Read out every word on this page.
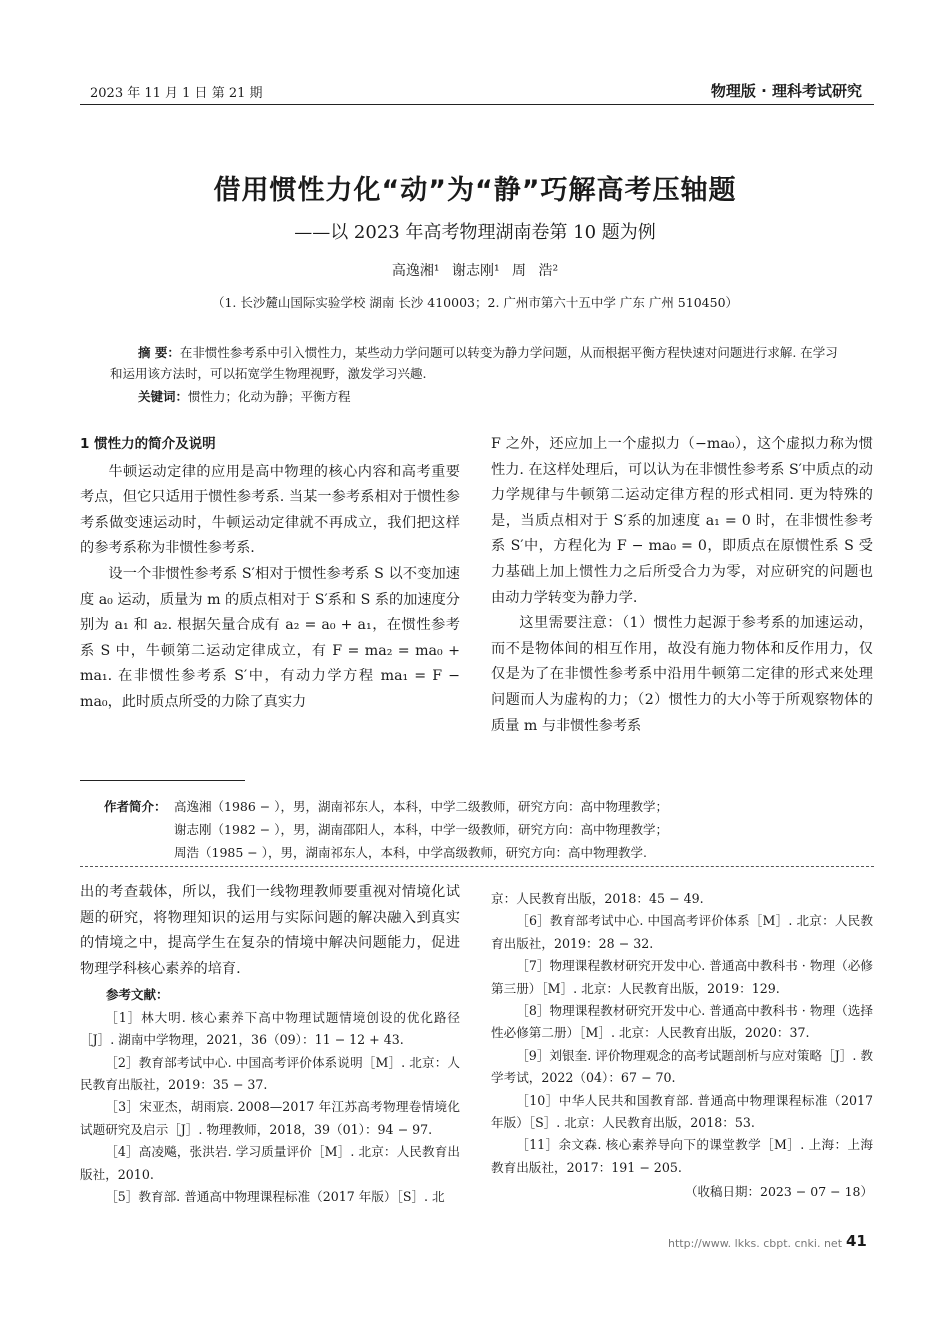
2023 年 11 月 1 日 第 21 期	物理版 · 理科考试研究
借用惯性力化“动”为“静”巧解高考压轴题
——以 2023 年高考物理湖南卷第 10 题为例
高逸湘¹ 谢志刚¹ 周 浩²
（1. 长沙麓山国际实验学校 湖南 长沙 410003；2. 广州市第六十五中学 广东 广州 510450）
摘 要：在非惯性参考系中引入惯性力，某些动力学问题可以转变为静力学问题，从而根据平衡方程快速对问题进行求解. 在学习和运用该方法时，可以拓宽学生物理视野，激发学习兴趣.
关键词：惯性力；化动为静；平衡方程

1 惯性力的简介及说明

牛顿运动定律的应用是高中物理的核心内容和高考重要考点，但它只适用于惯性参考系. 当某一参考系相对于惯性参考系做变速运动时，牛顿运动定律就不再成立，我们把这样的参考系称为非惯性参考系.

设一个非惯性参考系 S′相对于惯性参考系 S 以不变加速度 a₀ 运动，质量为 m 的质点相对于 S′系和 S 系的加速度分别为 a₁ 和 a₂. 根据矢量合成有 a₂ = a₀ + a₁，在惯性参考系 S 中，牛顿第二运动定律成立，有 F = ma₂ = ma₀ + ma₁. 在非惯性参考系 S′中，有动力学方程 ma₁ = F − ma₀，此时质点所受的力除了真实力

F 之外，还应加上一个虚拟力（−ma₀），这个虚拟力称为惯性力. 在这样处理后，可以认为在非惯性参考系 S′中质点的动力学规律与牛顿第二运动定律方程的形式相同. 更为特殊的是，当质点相对于 S′系的加速度 a₁ = 0 时，在非惯性参考系 S′中，方程化为 F − ma₀ = 0，即质点在原惯性系 S 受力基础上加上惯性力之后所受合力为零，对应研究的问题也由动力学转变为静力学.

这里需要注意：（1）惯性力起源于参考系的加速运动，而不是物体间的相互作用，故没有施力物体和反作用力，仅仅是为了在非惯性参考系中沿用牛顿第二定律的形式来处理问题而人为虚构的力；（2）惯性力的大小等于所观察物体的质量 m 与非惯性参考系

作者简介： 高逸湘（1986 − ），男，湖南祁东人，本科，中学二级教师，研究方向：高中物理教学；
谢志刚（1982 − ），男，湖南邵阳人，本科，中学一级教师，研究方向：高中物理教学；
周浩（1985 − ），男，湖南祁东人，本科，中学高级教师，研究方向：高中物理教学.

出的考查载体，所以，我们一线物理教师要重视对情境化试题的研究，将物理知识的运用与实际问题的解决融入到真实的情境之中，提高学生在复杂的情境中解决问题能力，促进物理学科核心素养的培育.

参考文献：

［1］林大明. 核心素养下高中物理试题情境创设的优化路径［J］. 湖南中学物理，2021，36（09）：11 − 12 + 43.

［2］教育部考试中心. 中国高考评价体系说明［M］. 北京：人民教育出版社，2019：35 − 37.

［3］宋亚杰，胡雨宸. 2008—2017 年江苏高考物理卷情境化试题研究及启示［J］. 物理教师，2018，39（01）：94 − 97.

［4］高凌飚，张洪岩. 学习质量评价［M］. 北京：人民教育出版社，2010.

［5］教育部. 普通高中物理课程标准（2017 年版）［S］. 北

京：人民教育出版，2018：45 − 49.

［6］教育部考试中心. 中国高考评价体系［M］. 北京：人民教育出版社，2019：28 − 32.

［7］物理课程教材研究开发中心. 普通高中教科书 · 物理（必修第三册）［M］. 北京：人民教育出版，2019：129.

［8］物理课程教材研究开发中心. 普通高中教科书 · 物理（选择性必修第二册）［M］. 北京：人民教育出版，2020：37.

［9］刘银奎. 评价物理观念的高考试题剖析与应对策略［J］. 教学考试，2022（04）：67 − 70.

［10］中华人民共和国教育部. 普通高中物理课程标准（2017 年版）［S］. 北京：人民教育出版，2018：53.

［11］余文森. 核心素养导向下的课堂教学［M］. 上海：上海教育出版社，2017：191 − 205.

（收稿日期：2023 − 07 − 18）

http://www. lkks. cbpt. cnki. net 41
